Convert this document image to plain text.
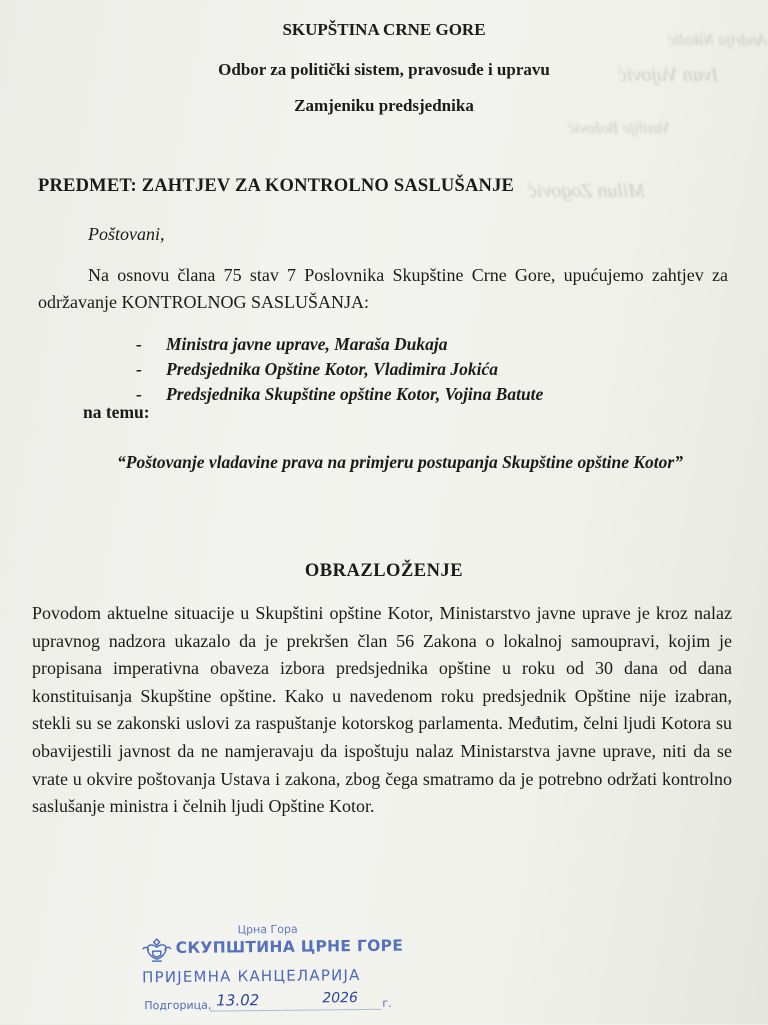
Andrija Nikolić
Ivan Vujović
Vasilije Božović
Milun Zogović
SKUPŠTINA CRNE GORE
Odbor za politički sistem, pravosuđe i upravu
Zamjeniku predsjednika
PREDMET: ZAHTJEV ZA KONTROLNO SASLUŠANJE
Poštovani,
Na osnovu člana 75 stav 7 Poslovnika Skupštine Crne Gore, upućujemo zahtjev za održavanje KONTROLNOG SASLUŠANJA:
- Ministra javne uprave, Maraša Dukaja
- Predsjednika Opštine Kotor, Vladimira Jokića
- Predsjednika Skupštine opštine Kotor, Vojina Batute
na temu:
“Poštovanje vladavine prava na primjeru postupanja Skupštine opštine Kotor”
OBRAZLOŽENJE
Povodom aktuelne situacije u Skupštini opštine Kotor, Ministarstvo javne uprave je kroz nalaz upravnog nadzora ukazalo da je prekršen član 56 Zakona o lokalnoj samoupravi, kojim je propisana imperativna obaveza izbora predsjednika opštine u roku od 30 dana od dana konstituisanja Skupštine opštine. Kako u navedenom roku predsjednik Opštine nije izabran, stekli su se zakonski uslovi za raspuštanje kotorskog parlamenta. Međutim, čelni ljudi Kotora su obavijestili javnost da ne namjeravaju da ispoštuju nalaz Ministarstva javne uprave, niti da se vrate u okvire poštovanja Ustava i zakona, zbog čega smatramo da je potrebno održati kontrolno saslušanje ministra i čelnih ljudi Opštine Kotor.
Црна Гора
СКУПШТИНА ЦРНЕ ГОРЕ
ПРИЈЕМНА КАНЦЕЛАРИЈА
Подгорица, 13.02	2026 г.
